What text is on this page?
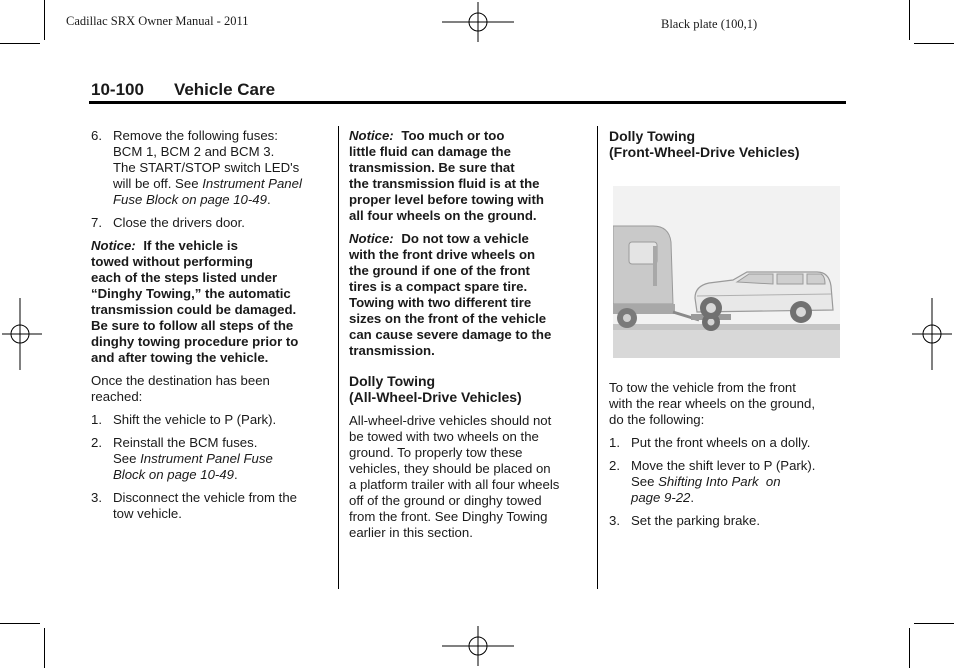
Cadillac SRX Owner Manual - 2011	Black plate (100,1)
10-100 Vehicle Care
6. Remove the following fuses:
BCM 1, BCM 2 and BCM 3.
The START/STOP switch LED's
will be off. See Instrument Panel
Fuse Block on page 10-49.
7. Close the drivers door.

Notice: If the vehicle is
towed without performing
each of the steps listed under
“Dinghy Towing,” the automatic
transmission could be damaged.
Be sure to follow all steps of the
dinghy towing procedure prior to
and after towing the vehicle.

Once the destination has been
reached:

1. Shift the vehicle to P (Park).
2. Reinstall the BCM fuses.
See Instrument Panel Fuse
Block on page 10-49.
3. Disconnect the vehicle from the
tow vehicle.

Notice: Too much or too
little fluid can damage the
transmission. Be sure that
the transmission fluid is at the
proper level before towing with
all four wheels on the ground.

Notice: Do not tow a vehicle
with the front drive wheels on
the ground if one of the front
tires is a compact spare tire.
Towing with two different tire
sizes on the front of the vehicle
can cause severe damage to the
transmission.

Dolly Towing
(All-Wheel-Drive Vehicles)

All-wheel-drive vehicles should not
be towed with two wheels on the
ground. To properly tow these
vehicles, they should be placed on
a platform trailer with all four wheels
off of the ground or dinghy towed
from the front. See Dinghy Towing
earlier in this section.

Dolly Towing
(Front-Wheel-Drive Vehicles)

To tow the vehicle from the front
with the rear wheels on the ground,
do the following:

1. Put the front wheels on a dolly.
2. Move the shift lever to P (Park).
See Shifting Into Park on
page 9-22.
3. Set the parking brake.
